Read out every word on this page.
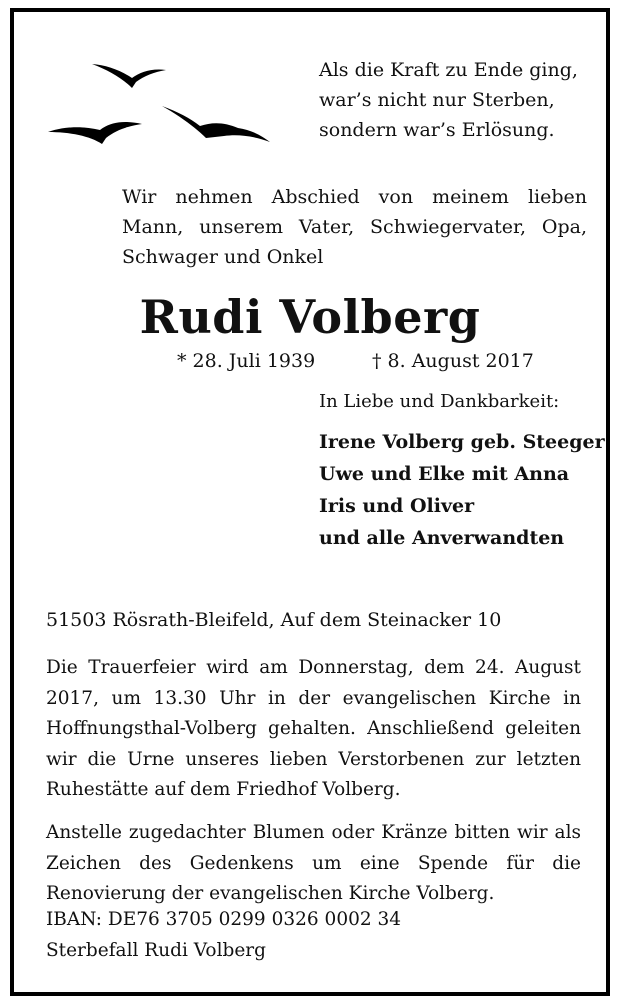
Als die Kraft zu Ende ging,
war’s nicht nur Sterben,
sondern war’s Erlösung.
Wir nehmen Abschied von meinem lieben Mann, unserem Vater, Schwiegervater, Opa, Schwager und Onkel
Rudi Volberg
* 28. Juli 1939	† 8. August 2017
In Liebe und Dankbarkeit:
Irene Volberg geb. Steeger
Uwe und Elke mit Anna
Iris und Oliver
und alle Anverwandten
51503 Rösrath-Bleifeld, Auf dem Steinacker 10
Die Trauerfeier wird am Donnerstag, dem 24. August 2017, um 13.30 Uhr in der evangelischen Kirche in Hoffnungsthal-Volberg gehalten. Anschließend geleiten wir die Urne unseres lieben Verstorbenen zur letzten Ruhestätte auf dem Friedhof Volberg.
Anstelle zugedachter Blumen oder Kränze bitten wir als Zeichen des Gedenkens um eine Spende für die Renovierung der evangelischen Kirche Volberg.
IBAN: DE76 3705 0299 0326 0002 34
Sterbefall Rudi Volberg
